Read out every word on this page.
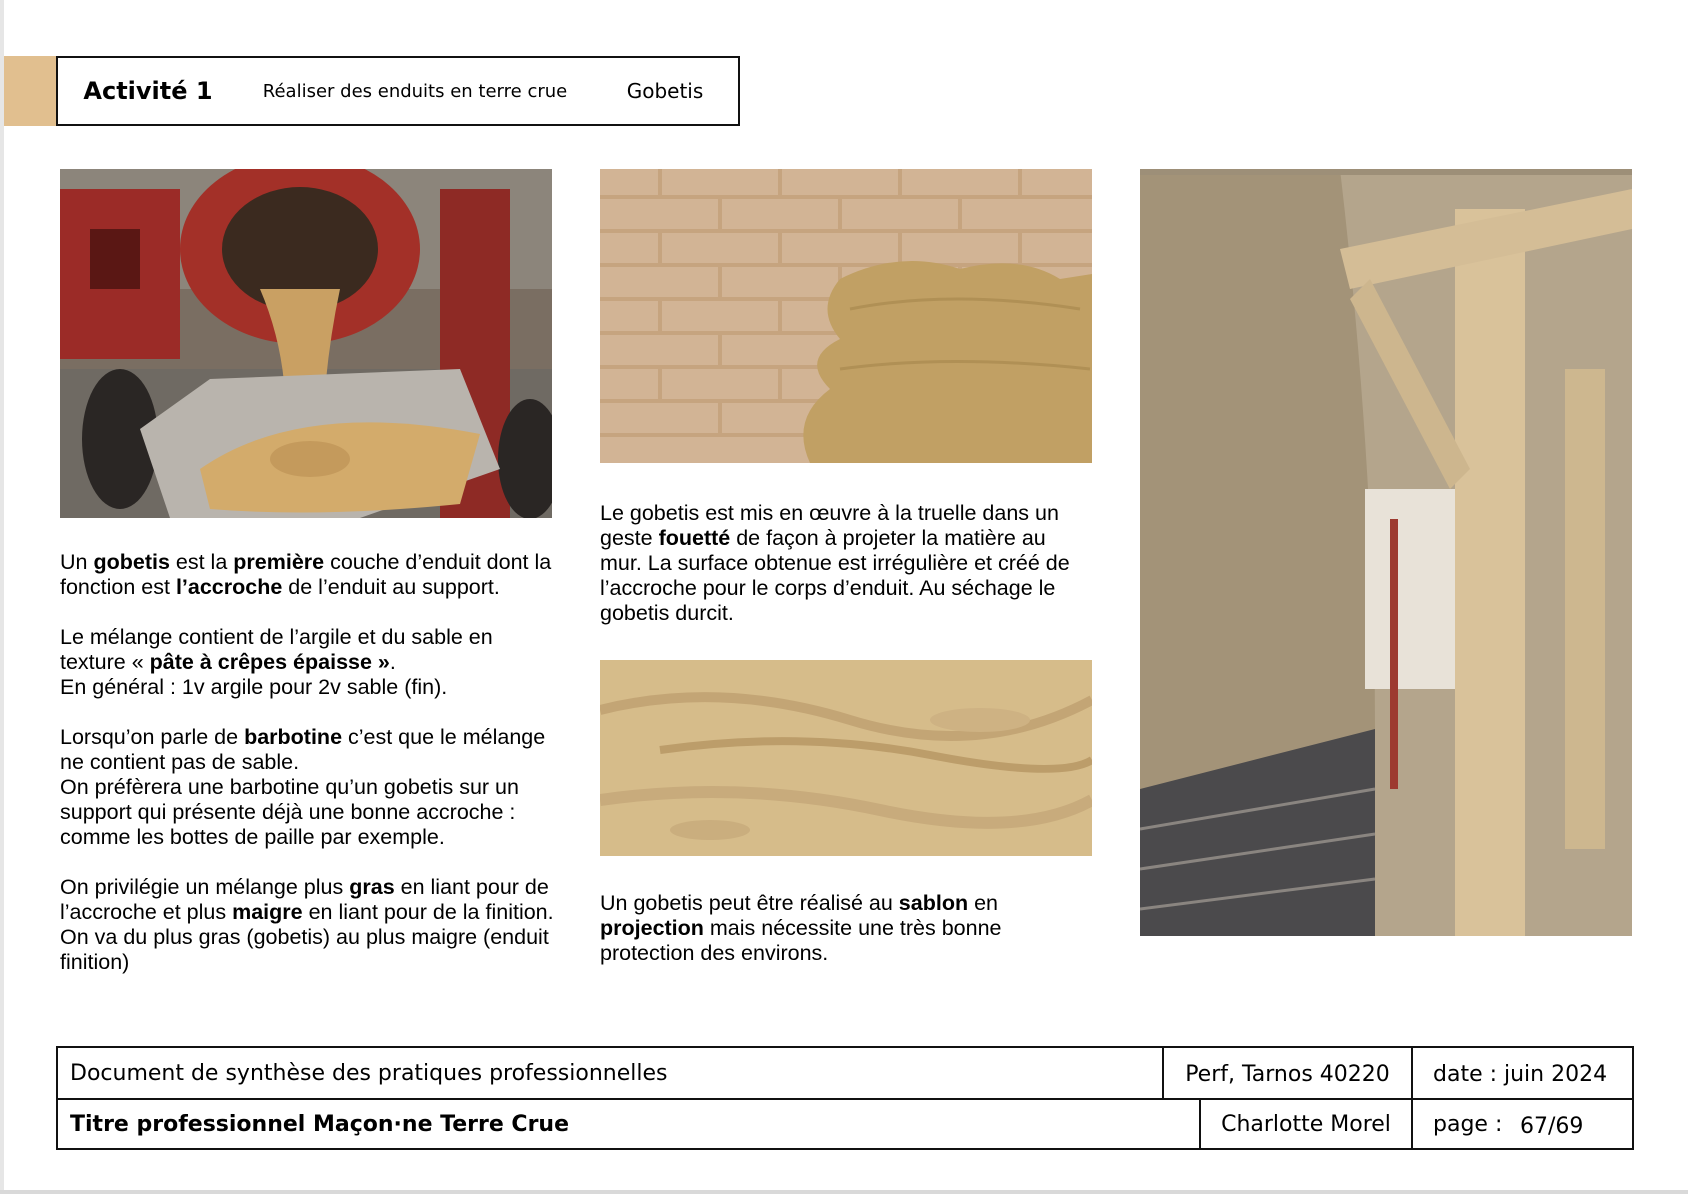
Activité 1	Réaliser des enduits en terre crue	Gobetis

Un gobetis est la première couche d’enduit dont la fonction est l’accroche de l’enduit au support.

Le mélange contient de l’argile et du sable en texture « pâte à crêpes épaisse ».
En général : 1v argile pour 2v sable (fin).

Lorsqu’on parle de barbotine c’est que le mélange ne contient pas de sable.
On préfèrera une barbotine qu’un gobetis sur un support qui présente déjà une bonne accroche : comme les bottes de paille par exemple.

On privilégie un mélange plus gras en liant pour de l’accroche et plus maigre en liant pour de la finition. On va du plus gras (gobetis) au plus maigre (enduit finition)

Le gobetis est mis en œuvre à la truelle dans un geste fouetté de façon à projeter la matière au mur. La surface obtenue est irrégulière et créé de l’accroche pour le corps d’enduit. Au séchage le gobetis durcit.

Un gobetis peut être réalisé au sablon en projection mais nécessite une très bonne protection des environs.

Document de synthèse des pratiques professionnelles	Perf, Tarnos 40220	date : juin 2024
Titre professionnel Maçon·ne Terre Crue	Charlotte Morel	page : 67/69
